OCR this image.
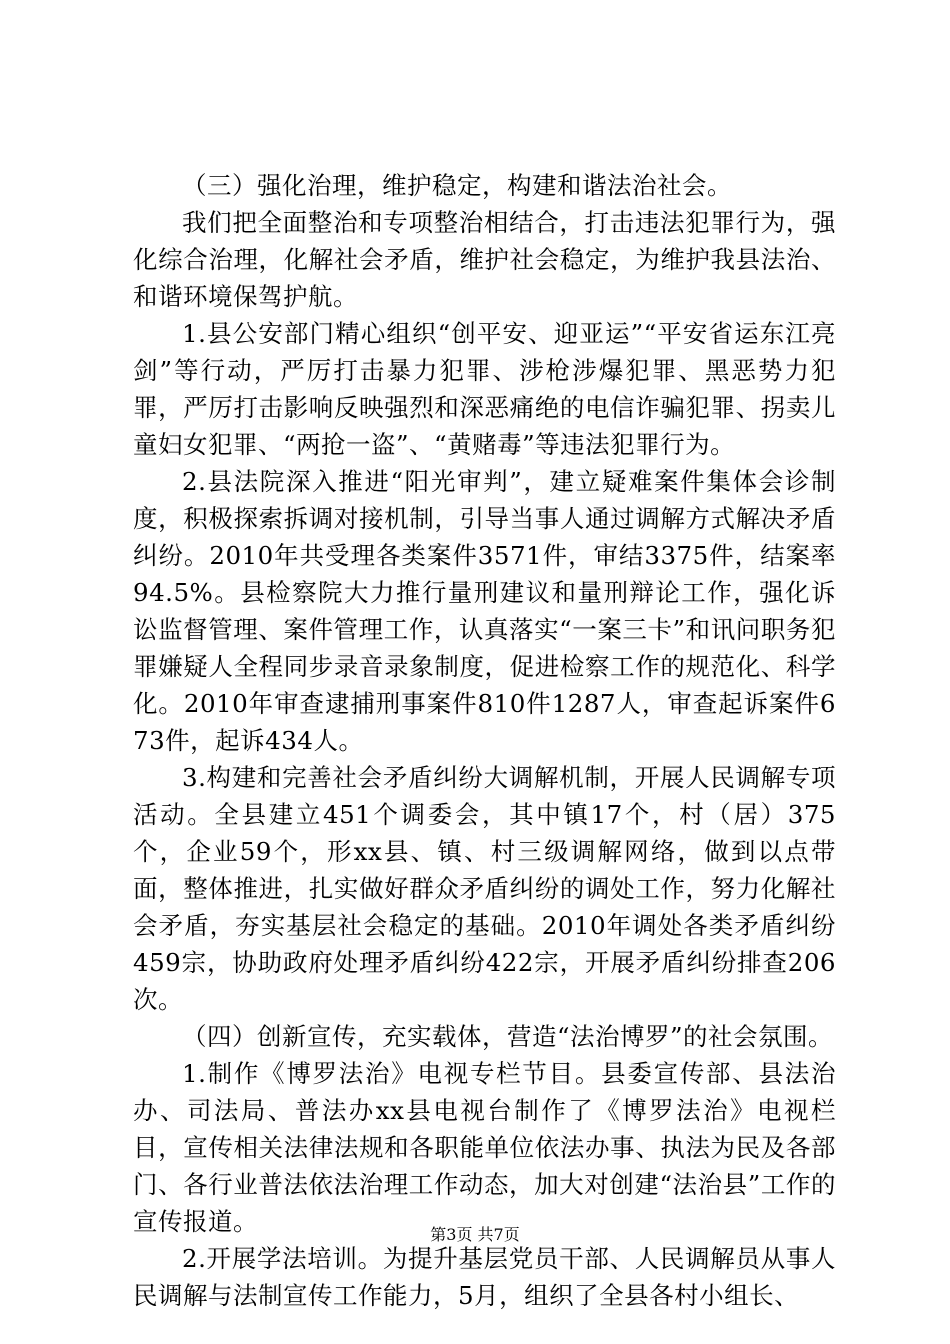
（三）强化治理，维护稳定，构建和谐法治社会。

我们把全面整治和专项整治相结合，打击违法犯罪行为，强化综合治理，化解社会矛盾，维护社会稳定，为维护我县法治、和谐环境保驾护航。

1.县公安部门精心组织“创平安、迎亚运”“平安省运东江亮剑”等行动，严厉打击暴力犯罪、涉枪涉爆犯罪、黑恶势力犯罪，严厉打击影响反映强烈和深恶痛绝的电信诈骗犯罪、拐卖儿童妇女犯罪、“两抢一盗”、“黄赌毒”等违法犯罪行为。

2.县法院深入推进“阳光审判”，建立疑难案件集体会诊制度，积极探索拆调对接机制，引导当事人通过调解方式解决矛盾纠纷。2010年共受理各类案件3571件，审结3375件，结案率94.5%。县检察院大力推行量刑建议和量刑辩论工作，强化诉讼监督管理、案件管理工作，认真落实“一案三卡”和讯问职务犯罪嫌疑人全程同步录音录象制度，促进检察工作的规范化、科学化。2010年审查逮捕刑事案件810件1287人，审查起诉案件673件，起诉434人。

3.构建和完善社会矛盾纠纷大调解机制，开展人民调解专项活动。全县建立451个调委会，其中镇17个，村（居）375个，企业59个，形xx县、镇、村三级调解网络，做到以点带面，整体推进，扎实做好群众矛盾纠纷的调处工作，努力化解社会矛盾，夯实基层社会稳定的基础。2010年调处各类矛盾纠纷459宗，协助政府处理矛盾纠纷422宗，开展矛盾纠纷排查206次。

（四）创新宣传，充实载体，营造“法治博罗”的社会氛围。

1.制作《博罗法治》电视专栏节目。县委宣传部、县法治办、司法局、普法办xx县电视台制作了《博罗法治》电视栏目，宣传相关法律法规和各职能单位依法办事、执法为民及各部门、各行业普法依法治理工作动态，加大对创建“法治县”工作的宣传报道。

2.开展学法培训。为提升基层党员干部、人民调解员从事人民调解与法制宣传工作能力，5月，组织了全县各村小组长、

第3页 共7页
